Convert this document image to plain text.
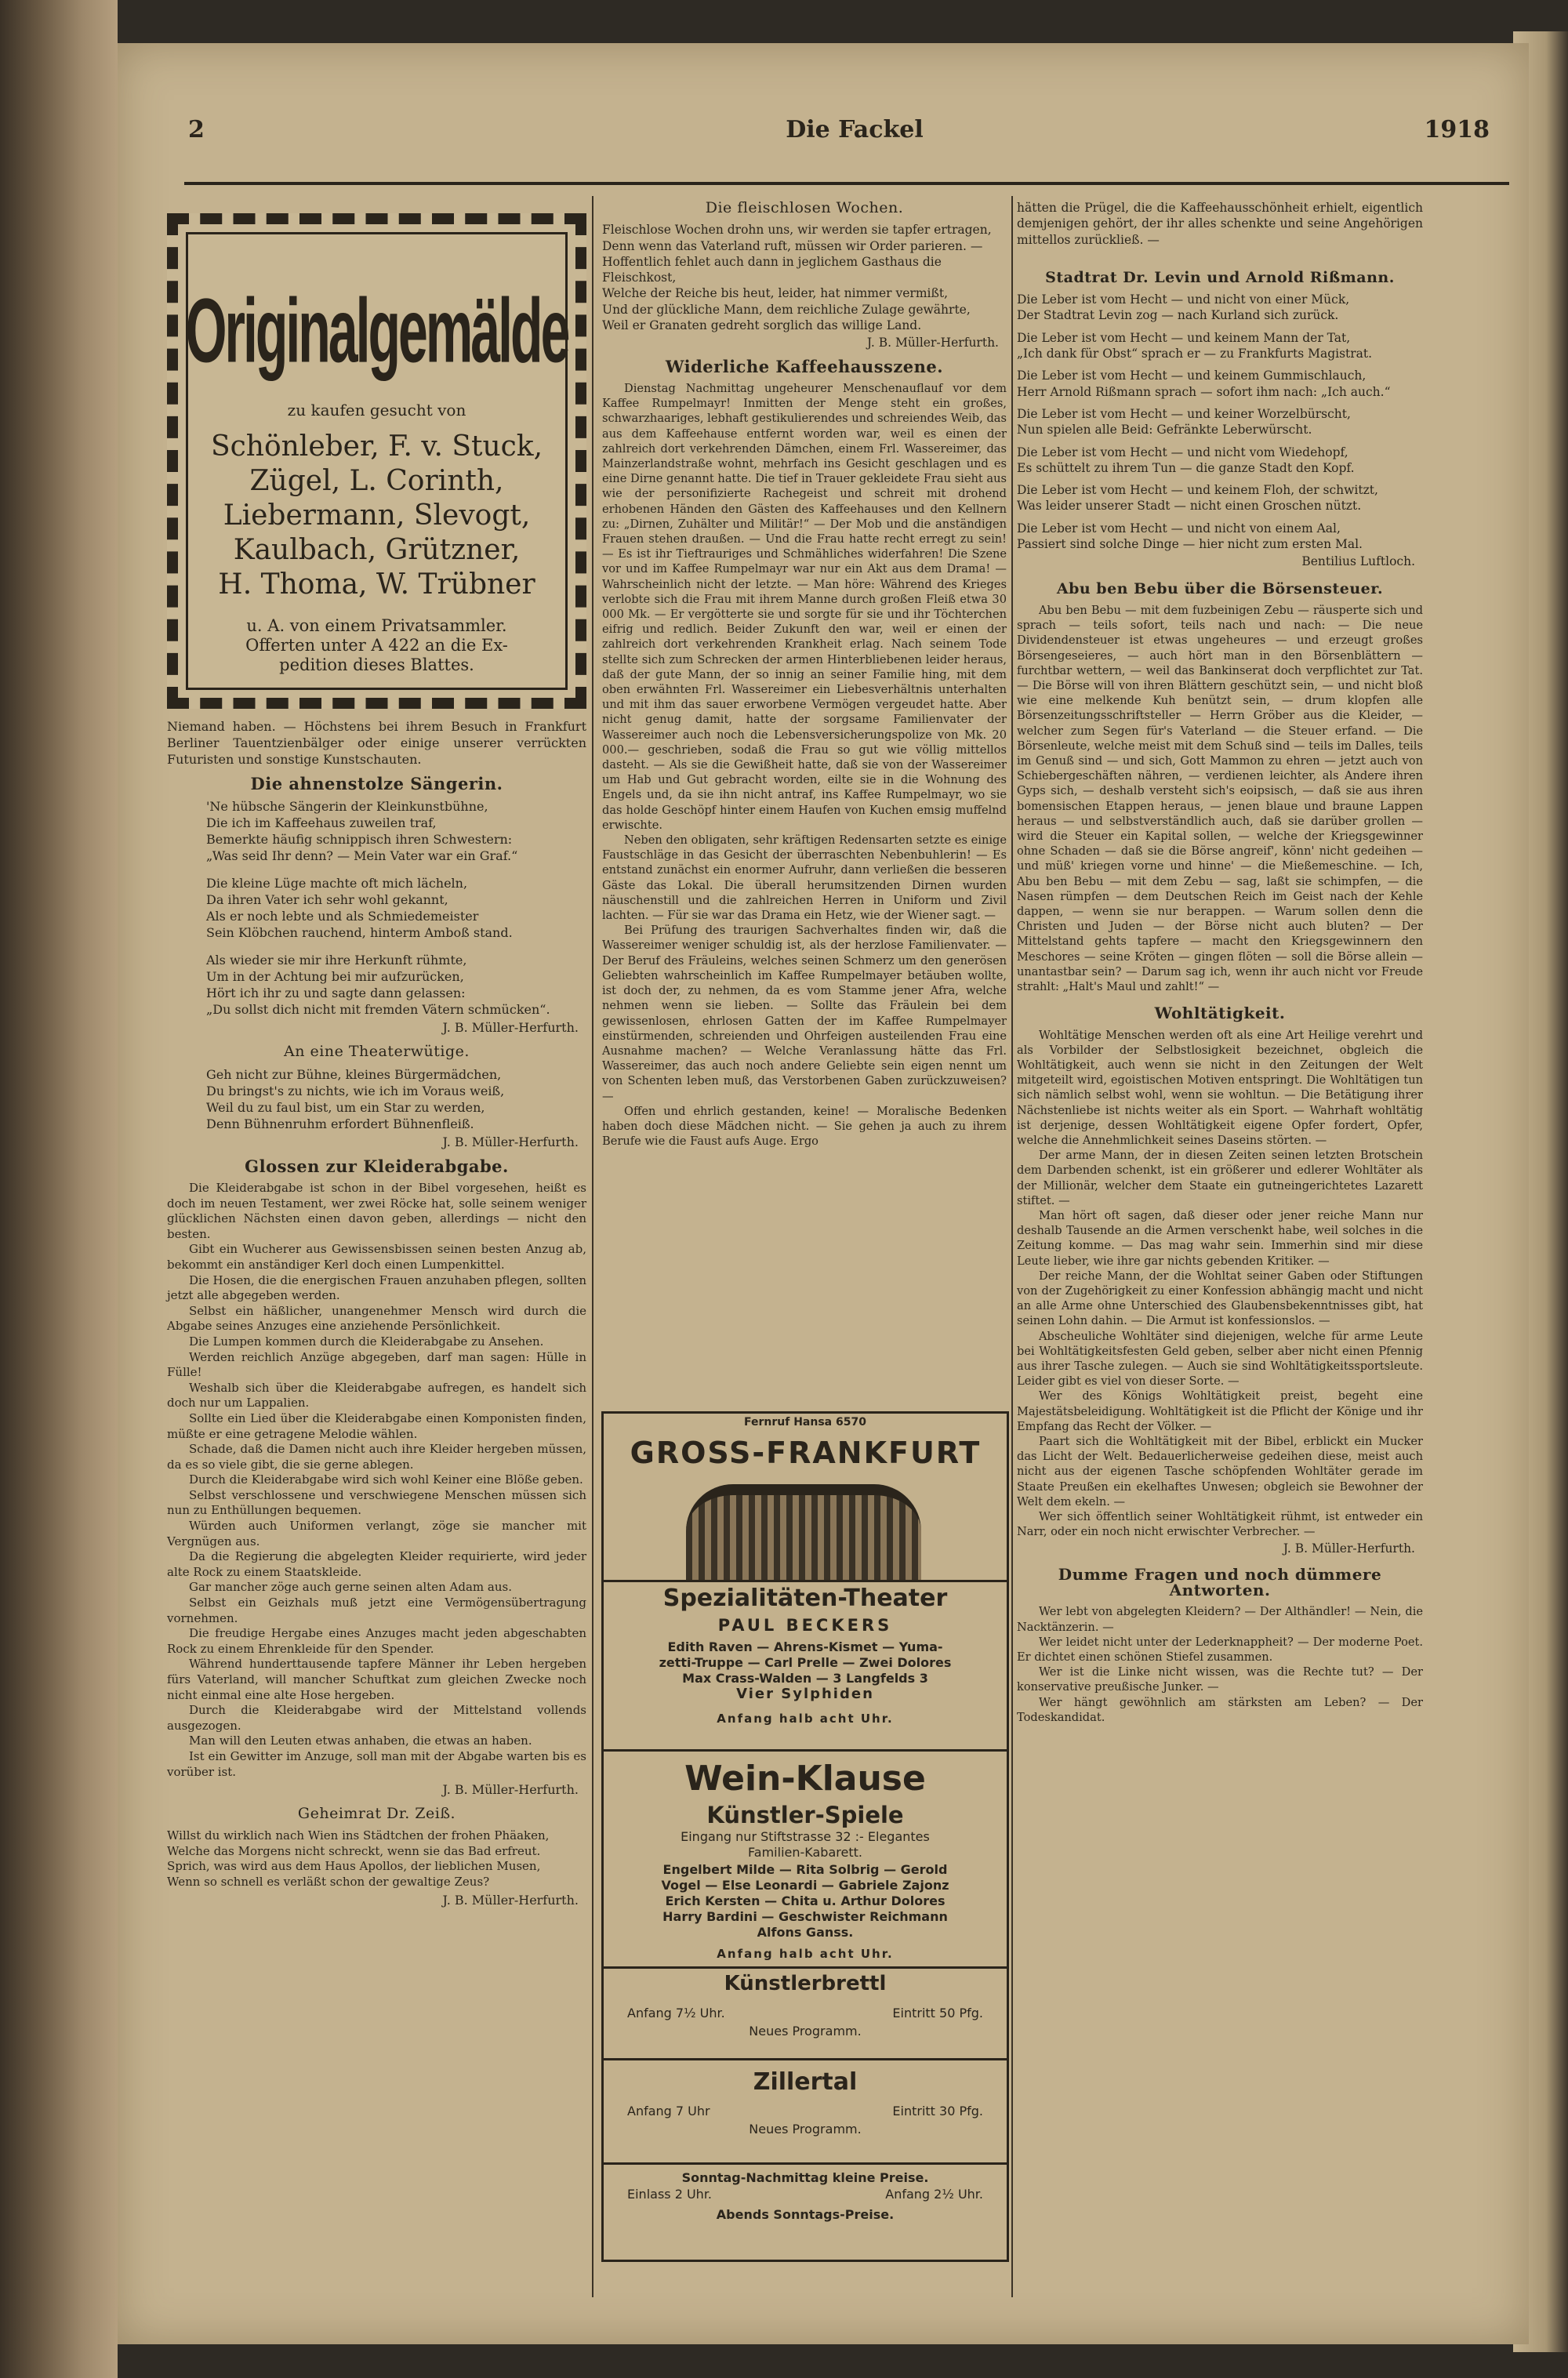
2	Die Fackel	1918
Originalgemälde
zu kaufen gesucht von
Schönleber, F. v. Stuck,
Zügel, L. Corinth,
Liebermann, Slevogt,
Kaulbach, Grützner,
H. Thoma, W. Trübner
u. A. von einem Privatsammler.
Offerten unter A 422 an die Ex-
pedition dieses Blattes.

Niemand haben. — Höchstens bei ihrem Besuch in Frankfurt Berliner Tauentzienbälger oder einige unserer verrückten Futuristen und sonstige Kunstschauten.

Die ahnenstolze Sängerin.

'Ne hübsche Sängerin der Kleinkunstbühne,

Die ich im Kaffeehaus zuweilen traf,

Bemerkte häufig schnippisch ihren Schwestern:

„Was seid Ihr denn? — Mein Vater war ein Graf.“

Die kleine Lüge machte oft mich lächeln,

Da ihren Vater ich sehr wohl gekannt,

Als er noch lebte und als Schmiedemeister

Sein Klöbchen rauchend, hinterm Amboß stand.

Als wieder sie mir ihre Herkunft rühmte,

Um in der Achtung bei mir aufzurücken,

Hört ich ihr zu und sagte dann gelassen:

„Du sollst dich nicht mit fremden Vätern schmücken“.

J. B. Müller-Herfurth.
An eine Theaterwütige.

Geh nicht zur Bühne, kleines Bürgermädchen,

Du bringst's zu nichts, wie ich im Voraus weiß,

Weil du zu faul bist, um ein Star zu werden,

Denn Bühnenruhm erfordert Bühnenfleiß.

J. B. Müller-Herfurth.
Glossen zur Kleiderabgabe.

Die Kleiderabgabe ist schon in der Bibel vorgesehen, heißt es doch im neuen Testament, wer zwei Röcke hat, solle seinem weniger glücklichen Nächsten einen davon geben, allerdings — nicht den besten.

Gibt ein Wucherer aus Gewissensbissen seinen besten Anzug ab, bekommt ein anständiger Kerl doch einen Lumpenkittel.

Die Hosen, die die energischen Frauen anzuhaben pflegen, sollten jetzt alle abgegeben werden.

Selbst ein häßlicher, unangenehmer Mensch wird durch die Abgabe seines Anzuges eine anziehende Persönlichkeit.

Die Lumpen kommen durch die Kleiderabgabe zu Ansehen.

Werden reichlich Anzüge abgegeben, darf man sagen: Hülle in Fülle!

Weshalb sich über die Kleiderabgabe aufregen, es handelt sich doch nur um Lappalien.

Sollte ein Lied über die Kleiderabgabe einen Komponisten finden, müßte er eine getragene Melodie wählen.

Schade, daß die Damen nicht auch ihre Kleider hergeben müssen, da es so viele gibt, die sie gerne ablegen.

Durch die Kleiderabgabe wird sich wohl Keiner eine Blöße geben.

Selbst verschlossene und verschwiegene Menschen müssen sich nun zu Enthüllungen bequemen.

Würden auch Uniformen verlangt, zöge sie mancher mit Vergnügen aus.

Da die Regierung die abgelegten Kleider requirierte, wird jeder alte Rock zu einem Staatskleide.

Gar mancher zöge auch gerne seinen alten Adam aus.

Selbst ein Geizhals muß jetzt eine Vermögensübertragung vornehmen.

Die freudige Hergabe eines Anzuges macht jeden abgeschabten Rock zu einem Ehrenkleide für den Spender.

Während hunderttausende tapfere Männer ihr Leben hergeben fürs Vaterland, will mancher Schuftkat zum gleichen Zwecke noch nicht einmal eine alte Hose hergeben.

Durch die Kleiderabgabe wird der Mittelstand vollends ausgezogen.

Man will den Leuten etwas anhaben, die etwas an haben.

Ist ein Gewitter im Anzuge, soll man mit der Abgabe warten bis es vorüber ist.

J. B. Müller-Herfurth.
Geheimrat Dr. Zeiß.

Willst du wirklich nach Wien ins Städtchen der frohen Phäaken,

Welche das Morgens nicht schreckt, wenn sie das Bad erfreut.

Sprich, was wird aus dem Haus Apollos, der lieblichen Musen,

Wenn so schnell es verläßt schon der gewaltige Zeus?

J. B. Müller-Herfurth.
Die fleischlosen Wochen.

Fleischlose Wochen drohn uns, wir werden sie tapfer ertragen,

Denn wenn das Vaterland ruft, müssen wir Order parieren. —

Hoffentlich fehlet auch dann in jeglichem Gasthaus die Fleischkost,

Welche der Reiche bis heut, leider, hat nimmer vermißt,

Und der glückliche Mann, dem reichliche Zulage gewährte,

Weil er Granaten gedreht sorglich das willige Land.

J. B. Müller-Herfurth.
Widerliche Kaffeehausszene.

Dienstag Nachmittag ungeheurer Menschenauflauf vor dem Kaffee Rumpelmayr! Inmitten der Menge steht ein großes, schwarzhaariges, lebhaft gestikulierendes und schreiendes Weib, das aus dem Kaffeehause entfernt worden war, weil es einen der zahlreich dort verkehrenden Dämchen, einem Frl. Wassereimer, das Mainzerlandstraße wohnt, mehrfach ins Gesicht geschlagen und es eine Dirne genannt hatte. Die tief in Trauer gekleidete Frau sieht aus wie der personifizierte Rachegeist und schreit mit drohend erhobenen Händen den Gästen des Kaffeehauses und den Kellnern zu: „Dirnen, Zuhälter und Militär!“ — Der Mob und die anständigen Frauen stehen draußen. — Und die Frau hatte recht erregt zu sein! — Es ist ihr Tieftrauriges und Schmähliches widerfahren! Die Szene vor und im Kaffee Rumpelmayr war nur ein Akt aus dem Drama! — Wahrscheinlich nicht der letzte. — Man höre: Während des Krieges verlobte sich die Frau mit ihrem Manne durch großen Fleiß etwa 30 000 Mk. — Er vergötterte sie und sorgte für sie und ihr Töchterchen eifrig und redlich. Beider Zukunft den war, weil er einen der zahlreich dort verkehrenden Krankheit erlag. Nach seinem Tode stellte sich zum Schrecken der armen Hinterbliebenen leider heraus, daß der gute Mann, der so innig an seiner Familie hing, mit dem oben erwähnten Frl. Wassereimer ein Liebesverhältnis unterhalten und mit ihm das sauer erworbene Vermögen vergeudet hatte. Aber nicht genug damit, hatte der sorgsame Familienvater der Wassereimer auch noch die Lebensversicherungspolize von Mk. 20 000.— geschrieben, sodaß die Frau so gut wie völlig mittellos dasteht. — Als sie die Gewißheit hatte, daß sie von der Wassereimer um Hab und Gut gebracht worden, eilte sie in die Wohnung des Engels und, da sie ihn nicht antraf, ins Kaffee Rumpelmayr, wo sie das holde Geschöpf hinter einem Haufen von Kuchen emsig muffelnd erwischte.

Neben den obligaten, sehr kräftigen Redensarten setzte es einige Faustschläge in das Gesicht der überraschten Nebenbuhlerin! — Es entstand zunächst ein enormer Aufruhr, dann verließen die besseren Gäste das Lokal. Die überall herumsitzenden Dirnen wurden näuschenstill und die zahlreichen Herren in Uniform und Zivil lachten. — Für sie war das Drama ein Hetz, wie der Wiener sagt. —

Bei Prüfung des traurigen Sachverhaltes finden wir, daß die Wassereimer weniger schuldig ist, als der herzlose Familienvater. — Der Beruf des Fräuleins, welches seinen Schmerz um den generösen Geliebten wahrscheinlich im Kaffee Rumpelmayer betäuben wollte, ist doch der, zu nehmen, da es vom Stamme jener Afra, welche nehmen wenn sie lieben. — Sollte das Fräulein bei dem gewissenlosen, ehrlosen Gatten der im Kaffee Rumpelmayer einstürmenden, schreienden und Ohrfeigen austeilenden Frau eine Ausnahme machen? — Welche Veranlassung hätte das Frl. Wassereimer, das auch noch andere Geliebte sein eigen nennt um von Schenten leben muß, das Verstorbenen Gaben zurückzuweisen? —

Offen und ehrlich gestanden, keine! — Moralische Bedenken haben doch diese Mädchen nicht. — Sie gehen ja auch zu ihrem Berufe wie die Faust aufs Auge. Ergo

Fernruf Hansa 6570
GROSS-FRANKFURT
Spezialitäten-Theater
PAUL BECKERS
Edith Raven — Ahrens-Kismet — Yuma-
zetti-Truppe — Carl Prelle — Zwei Dolores
Max Crass-Walden — 3 Langfelds 3
Vier Sylphiden
Anfang halb acht Uhr.
Wein-Klause
Künstler-Spiele
Eingang nur Stiftstrasse 32 :- Elegantes
Familien-Kabarett.
Engelbert Milde — Rita Solbrig — Gerold
Vogel — Else Leonardi — Gabriele Zajonz
Erich Kersten — Chita u. Arthur Dolores
Harry Bardini — Geschwister Reichmann
Alfons Ganss.
Anfang halb acht Uhr.
Künstlerbrettl
Anfang 7½ Uhr.	Eintritt 50 Pfg.
Neues Programm.
Zillertal
Anfang 7 Uhr	Eintritt 30 Pfg.
Neues Programm.
Sonntag-Nachmittag kleine Preise.
Einlass 2 Uhr.	Anfang 2½ Uhr.
Abends Sonntags-Preise.

hätten die Prügel, die die Kaffeehausschönheit erhielt, eigentlich demjenigen gehört, der ihr alles schenkte und seine Angehörigen mittellos zurückließ. —

Stadtrat Dr. Levin und Arnold Rißmann.

Die Leber ist vom Hecht — und nicht von einer Mück,

Der Stadtrat Levin zog — nach Kurland sich zurück.

Die Leber ist vom Hecht — und keinem Mann der Tat,

„Ich dank für Obst“ sprach er — zu Frankfurts Magistrat.

Die Leber ist vom Hecht — und keinem Gummischlauch,

Herr Arnold Rißmann sprach — sofort ihm nach: „Ich auch.“

Die Leber ist vom Hecht — und keiner Worzelbürscht,

Nun spielen alle Beid: Gefränkte Leberwürscht.

Die Leber ist vom Hecht — und nicht vom Wiedehopf,

Es schüttelt zu ihrem Tun — die ganze Stadt den Kopf.

Die Leber ist vom Hecht — und keinem Floh, der schwitzt,

Was leider unserer Stadt — nicht einen Groschen nützt.

Die Leber ist vom Hecht — und nicht von einem Aal,

Passiert sind solche Dinge — hier nicht zum ersten Mal.

Bentilius Luftloch.
Abu ben Bebu über die Börsensteuer.

Abu ben Bebu — mit dem fuzbeinigen Zebu — räusperte sich und sprach — teils sofort, teils nach und nach: — Die neue Dividendensteuer ist etwas ungeheures — und erzeugt großes Börsengeseieres, — auch hört man in den Börsenblättern — furchtbar wettern, — weil das Bankinserat doch verpflichtet zur Tat. — Die Börse will von ihren Blättern geschützt sein, — und nicht bloß wie eine melkende Kuh benützt sein, — drum klopfen alle Börsenzeitungsschriftsteller — Herrn Gröber aus die Kleider, — welcher zum Segen für's Vaterland — die Steuer erfand. — Die Börsenleute, welche meist mit dem Schuß sind — teils im Dalles, teils im Genuß sind — und sich, Gott Mammon zu ehren — jetzt auch von Schiebergeschäften nähren, — verdienen leichter, als Andere ihren Gyps sich, — deshalb versteht sich's eoipsisch, — daß sie aus ihren bomensischen Etappen heraus, — jenen blaue und braune Lappen heraus — und selbstverständlich auch, daß sie darüber grollen — wird die Steuer ein Kapital sollen, — welche der Kriegsgewinner ohne Schaden — daß sie die Börse angreif', könn' nicht gedeihen — und müß' kriegen vorne und hinne' — die Mießemeschine. — Ich, Abu ben Bebu — mit dem Zebu — sag, laßt sie schimpfen, — die Nasen rümpfen — dem Deutschen Reich im Geist nach der Kehle dappen, — wenn sie nur berappen. — Warum sollen denn die Christen und Juden — der Börse nicht auch bluten? — Der Mittelstand gehts tapfere — macht den Kriegsgewinnern den Meschores — seine Kröten — gingen flöten — soll die Börse allein — unantastbar sein? — Darum sag ich, wenn ihr auch nicht vor Freude strahlt: „Halt's Maul und zahlt!“ —

Wohltätigkeit.

Wohltätige Menschen werden oft als eine Art Heilige verehrt und als Vorbilder der Selbstlosigkeit bezeichnet, obgleich die Wohltätigkeit, auch wenn sie nicht in den Zeitungen der Welt mitgeteilt wird, egoistischen Motiven entspringt. Die Wohltätigen tun sich nämlich selbst wohl, wenn sie wohltun. — Die Betätigung ihrer Nächstenliebe ist nichts weiter als ein Sport. — Wahrhaft wohltätig ist derjenige, dessen Wohltätigkeit eigene Opfer fordert, Opfer, welche die Annehmlichkeit seines Daseins störten. —

Der arme Mann, der in diesen Zeiten seinen letzten Brotschein dem Darbenden schenkt, ist ein größerer und edlerer Wohltäter als der Millionär, welcher dem Staate ein gutneingerichtetes Lazarett stiftet. —

Man hört oft sagen, daß dieser oder jener reiche Mann nur deshalb Tausende an die Armen verschenkt habe, weil solches in die Zeitung komme. — Das mag wahr sein. Immerhin sind mir diese Leute lieber, wie ihre gar nichts gebenden Kritiker. —

Der reiche Mann, der die Wohltat seiner Gaben oder Stiftungen von der Zugehörigkeit zu einer Konfession abhängig macht und nicht an alle Arme ohne Unterschied des Glaubensbekenntnisses gibt, hat seinen Lohn dahin. — Die Armut ist konfessionslos. —

Abscheuliche Wohltäter sind diejenigen, welche für arme Leute bei Wohltätigkeitsfesten Geld geben, selber aber nicht einen Pfennig aus ihrer Tasche zulegen. — Auch sie sind Wohltätigkeitssportsleute. Leider gibt es viel von dieser Sorte. —

Wer des Königs Wohltätigkeit preist, begeht eine Majestätsbeleidigung. Wohltätigkeit ist die Pflicht der Könige und ihr Empfang das Recht der Völker. —

Paart sich die Wohltätigkeit mit der Bibel, erblickt ein Mucker das Licht der Welt. Bedauerlicherweise gedeihen diese, meist auch nicht aus der eigenen Tasche schöpfenden Wohltäter gerade im Staate Preußen ein ekelhaftes Unwesen; obgleich sie Bewohner der Welt dem ekeln. —

Wer sich öffentlich seiner Wohltätigkeit rühmt, ist entweder ein Narr, oder ein noch nicht erwischter Verbrecher. —

J. B. Müller-Herfurth.
Dumme Fragen und noch dümmere Antworten.

Wer lebt von abgelegten Kleidern? — Der Althändler! — Nein, die Nacktänzerin. —

Wer leidet nicht unter der Lederknappheit? — Der moderne Poet. Er dichtet einen schönen Stiefel zusammen.

Wer ist die Linke nicht wissen, was die Rechte tut? — Der konservative preußische Junker. —

Wer hängt gewöhnlich am stärksten am Leben? — Der Todeskandidat.
